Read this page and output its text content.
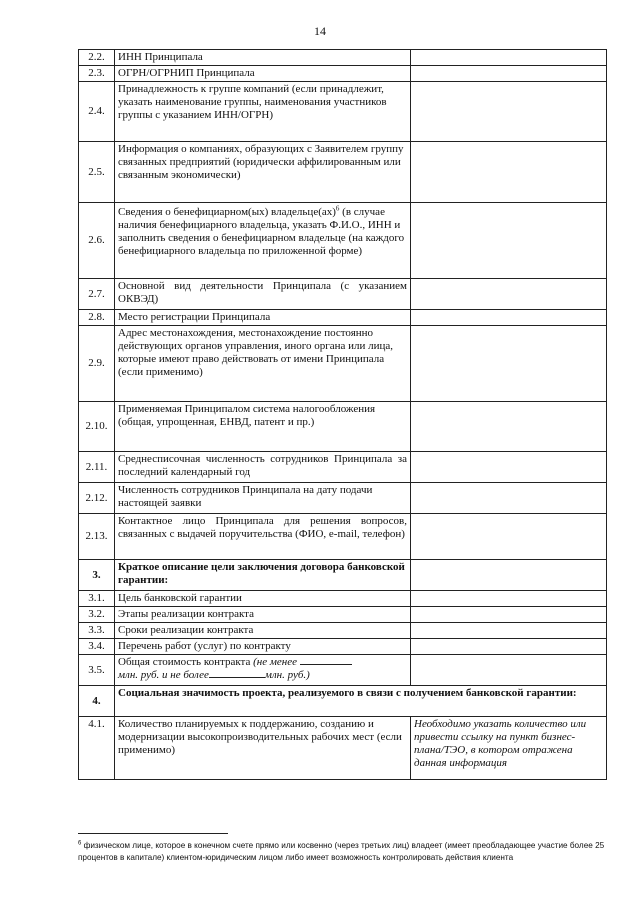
14
2.2.	ИНН Принципала	
2.3.	ОГРН/ОГРНИП Принципала	
2.4.	Принадлежность к группе компаний (если принадлежит, указать наименование группы, наименования участников группы с указанием ИНН/ОГРН)	
2.5.	Информация о компаниях, образующих с Заявителем группу связанных предприятий (юридически аффилированным или связанным экономически)	
2.6.	Сведения о бенефициарном(ых) владельце(ах)$^6$ (в случае наличия бенефициарного владельца, указать Ф.И.О., ИНН и заполнить сведения о бенефициарном владельце (на каждого бенефициарного владельца по приложенной форме)	
2.7.	Основной вид деятельности Принципала (с указанием ОКВЭД)	
2.8.	Место регистрации Принципала	
2.9.	Адрес местонахождения, местонахождение постоянно действующих органов управления, иного органа или лица, которые имеют право действовать от имени Принципала (если применимо)	
2.10.	Применяемая Принципалом система налогообложения (общая, упрощенная, ЕНВД, патент и пр.)	
2.11.	Среднесписочная численность сотрудников Принципала за последний календарный год	
2.12.	Численность сотрудников Принципала на дату подачи настоящей заявки	
2.13.	Контактное лицо Принципала для решения вопросов, связанных с выдачей поручительства (ФИО, e-mail, телефон)	
3.	Краткое описание цели заключения договора банковской гарантии:	
3.1.	Цель банковской гарантии	
3.2.	Этапы реализации контракта	
3.3.	Сроки реализации контракта	
3.4.	Перечень работ (услуг) по контракту	
3.5.	Общая стоимость контракта (не менее
млн. руб. и не более млн. руб.)	
4.	Социальная значимость проекта, реализуемого в связи с получением банковской гарантии:	
4.1.	Количество планируемых к поддержанию, созданию и модернизации высокопроизводительных рабочих мест (если применимо)	Необходимо указать количество или привести ссылку на пункт бизнес-плана/ТЭО, в котором отражена данная информация
$^6$ физическом лице, которое в конечном счете прямо или косвенно (через третьих лиц) владеет (имеет преобладающее участие более 25 процентов в капитале) клиентом-юридическим лицом либо имеет возможность контролировать действия клиента
